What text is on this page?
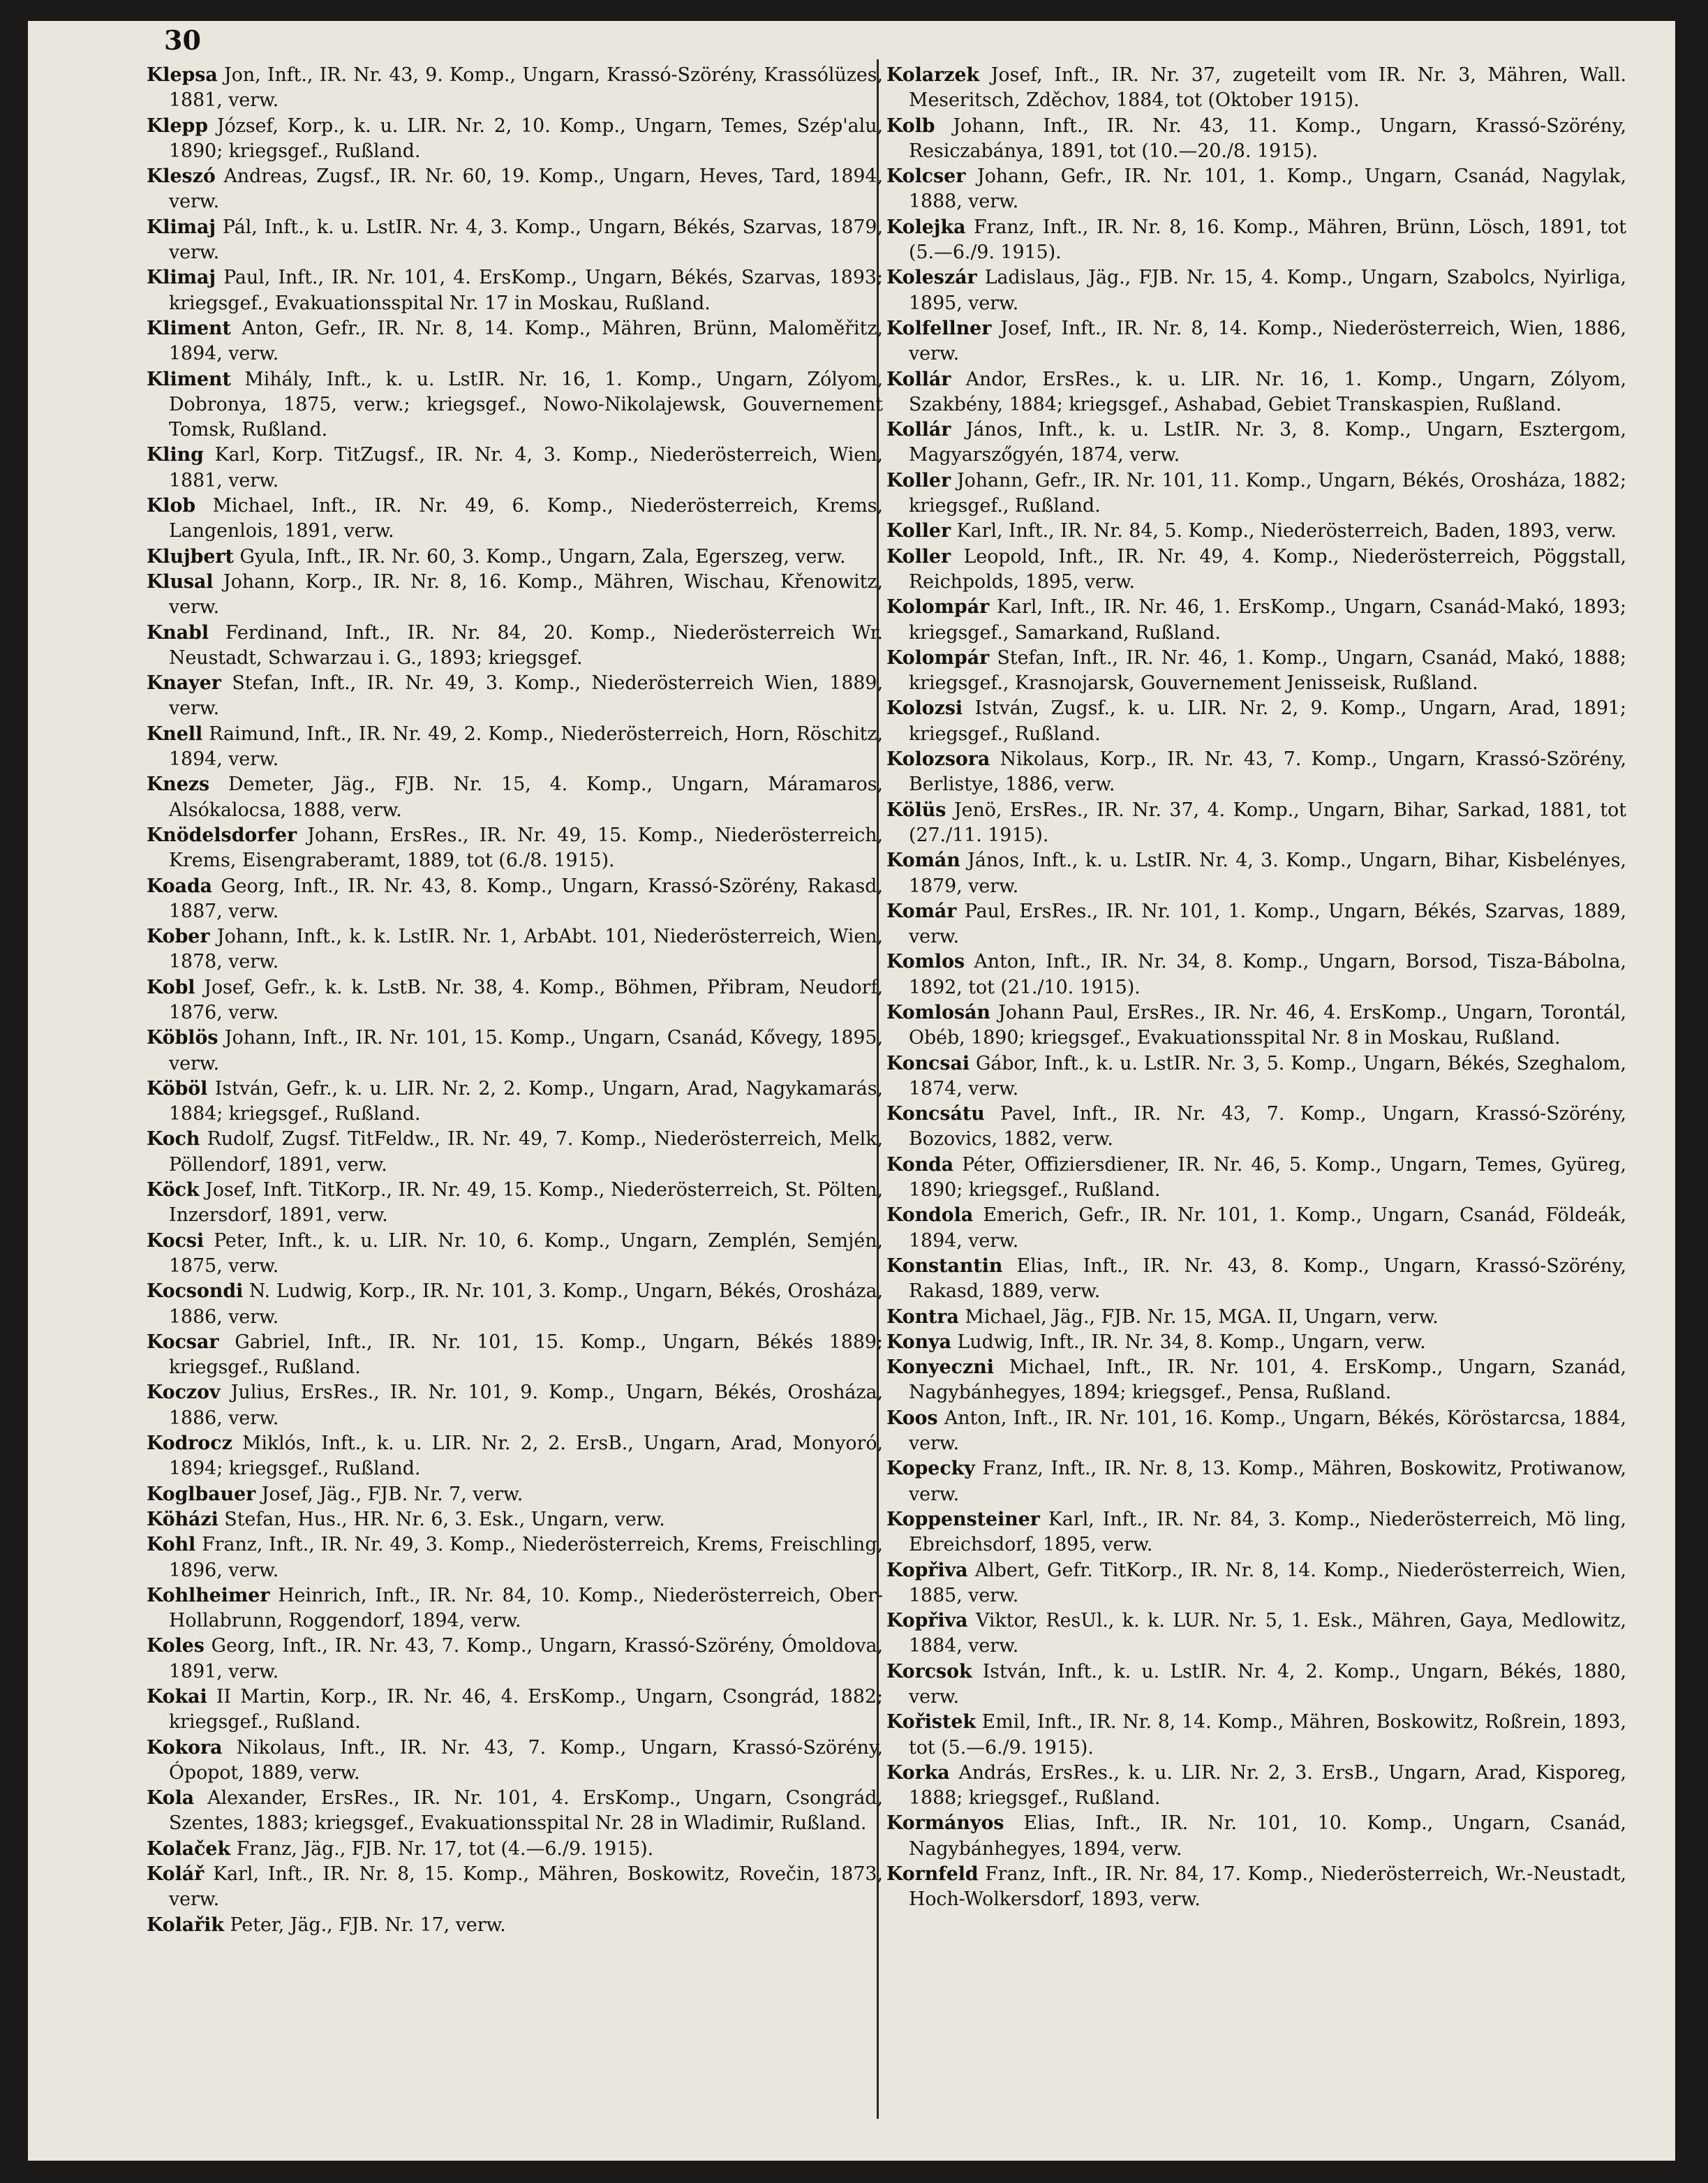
30

Klepsa Jon, Inft., IR. Nr. 43, 9. Komp., Ungarn, Krassó-Szörény, Krassólüzes, 1881, verw.

Klepp József, Korp., k. u. LIR. Nr. 2, 10. Komp., Ungarn, Temes, Szép'alu, 1890; kriegsgef., Rußland.

Kleszó Andreas, Zugsf., IR. Nr. 60, 19. Komp., Ungarn, Heves, Tard, 1894, verw.

Klimaj Pál, Inft., k. u. LstIR. Nr. 4, 3. Komp., Ungarn, Békés, Szarvas, 1879, verw.

Klimaj Paul, Inft., IR. Nr. 101, 4. ErsKomp., Ungarn, Békés, Szarvas, 1893; kriegsgef., Evakuationsspital Nr. 17 in Moskau, Rußland.

Kliment Anton, Gefr., IR. Nr. 8, 14. Komp., Mähren, Brünn, Maloměřitz, 1894, verw.

Kliment Mihály, Inft., k. u. LstIR. Nr. 16, 1. Komp., Ungarn, Zólyom, Dobronya, 1875, verw.; kriegsgef., Nowo-Nikolajewsk, Gouvernement Tomsk, Rußland.

Kling Karl, Korp. TitZugsf., IR. Nr. 4, 3. Komp., Niederösterreich, Wien, 1881, verw.

Klob Michael, Inft., IR. Nr. 49, 6. Komp., Niederösterreich, Krems, Langenlois, 1891, verw.

Klujbert Gyula, Inft., IR. Nr. 60, 3. Komp., Ungarn, Zala, Egerszeg, verw.

Klusal Johann, Korp., IR. Nr. 8, 16. Komp., Mähren, Wischau, Křenowitz, verw.

Knabl Ferdinand, Inft., IR. Nr. 84, 20. Komp., Niederösterreich Wr. Neustadt, Schwarzau i. G., 1893; kriegsgef.

Knayer Stefan, Inft., IR. Nr. 49, 3. Komp., Niederösterreich Wien, 1889, verw.

Knell Raimund, Inft., IR. Nr. 49, 2. Komp., Niederösterreich, Horn, Röschitz, 1894, verw.

Knezs Demeter, Jäg., FJB. Nr. 15, 4. Komp., Ungarn, Máramaros, Alsókalocsa, 1888, verw.

Knödelsdorfer Johann, ErsRes., IR. Nr. 49, 15. Komp., Niederösterreich, Krems, Eisengraberamt, 1889, tot (6./8. 1915).

Koada Georg, Inft., IR. Nr. 43, 8. Komp., Ungarn, Krassó-Szörény, Rakasd, 1887, verw.

Kober Johann, Inft., k. k. LstIR. Nr. 1, ArbAbt. 101, Niederösterreich, Wien, 1878, verw.

Kobl Josef, Gefr., k. k. LstB. Nr. 38, 4. Komp., Böhmen, Přibram, Neudorf, 1876, verw.

Köblös Johann, Inft., IR. Nr. 101, 15. Komp., Ungarn, Csanád, Kővegy, 1895, verw.

Köböl István, Gefr., k. u. LIR. Nr. 2, 2. Komp., Ungarn, Arad, Nagykamarás, 1884; kriegsgef., Rußland.

Koch Rudolf, Zugsf. TitFeldw., IR. Nr. 49, 7. Komp., Niederösterreich, Melk, Pöllendorf, 1891, verw.

Köck Josef, Inft. TitKorp., IR. Nr. 49, 15. Komp., Niederösterreich, St. Pölten, Inzersdorf, 1891, verw.

Kocsi Peter, Inft., k. u. LIR. Nr. 10, 6. Komp., Ungarn, Zemplén, Semjén, 1875, verw.

Kocsondi N. Ludwig, Korp., IR. Nr. 101, 3. Komp., Ungarn, Békés, Orosháza, 1886, verw.

Kocsar Gabriel, Inft., IR. Nr. 101, 15. Komp., Ungarn, Békés 1889; kriegsgef., Rußland.

Koczov Julius, ErsRes., IR. Nr. 101, 9. Komp., Ungarn, Békés, Orosháza, 1886, verw.

Kodrocz Miklós, Inft., k. u. LIR. Nr. 2, 2. ErsB., Ungarn, Arad, Monyoró, 1894; kriegsgef., Rußland.

Koglbauer Josef, Jäg., FJB. Nr. 7, verw.

Köházi Stefan, Hus., HR. Nr. 6, 3. Esk., Ungarn, verw.

Kohl Franz, Inft., IR. Nr. 49, 3. Komp., Niederösterreich, Krems, Freischling, 1896, verw.

Kohlheimer Heinrich, Inft., IR. Nr. 84, 10. Komp., Niederösterreich, Ober-Hollabrunn, Roggendorf, 1894, verw.

Koles Georg, Inft., IR. Nr. 43, 7. Komp., Ungarn, Krassó-Szörény, Ómoldova, 1891, verw.

Kokai II Martin, Korp., IR. Nr. 46, 4. ErsKomp., Ungarn, Csongrád, 1882; kriegsgef., Rußland.

Kokora Nikolaus, Inft., IR. Nr. 43, 7. Komp., Ungarn, Krassó-Szörény, Ópopot, 1889, verw.

Kola Alexander, ErsRes., IR. Nr. 101, 4. ErsKomp., Ungarn, Csongrád, Szentes, 1883; kriegsgef., Evakuationsspital Nr. 28 in Wladimir, Rußland.

Kolaček Franz, Jäg., FJB. Nr. 17, tot (4.—6./9. 1915).

Kolář Karl, Inft., IR. Nr. 8, 15. Komp., Mähren, Boskowitz, Rovečin, 1873, verw.

Kolařik Peter, Jäg., FJB. Nr. 17, verw.

Kolarzek Josef, Inft., IR. Nr. 37, zugeteilt vom IR. Nr. 3, Mähren, Wall. Meseritsch, Zděchov, 1884, tot (Oktober 1915).

Kolb Johann, Inft., IR. Nr. 43, 11. Komp., Ungarn, Krassó-Szörény, Resiczabánya, 1891, tot (10.—20./8. 1915).

Kolcser Johann, Gefr., IR. Nr. 101, 1. Komp., Ungarn, Csanád, Nagylak, 1888, verw.

Kolejka Franz, Inft., IR. Nr. 8, 16. Komp., Mähren, Brünn, Lösch, 1891, tot (5.—6./9. 1915).

Koleszár Ladislaus, Jäg., FJB. Nr. 15, 4. Komp., Ungarn, Szabolcs, Nyirliga, 1895, verw.

Kolfellner Josef, Inft., IR. Nr. 8, 14. Komp., Niederösterreich, Wien, 1886, verw.

Kollár Andor, ErsRes., k. u. LIR. Nr. 16, 1. Komp., Ungarn, Zólyom, Szakbény, 1884; kriegsgef., Ashabad, Gebiet Transkaspien, Rußland.

Kollár János, Inft., k. u. LstIR. Nr. 3, 8. Komp., Ungarn, Esztergom, Magyarszőgyén, 1874, verw.

Koller Johann, Gefr., IR. Nr. 101, 11. Komp., Ungarn, Békés, Orosháza, 1882; kriegsgef., Rußland.

Koller Karl, Inft., IR. Nr. 84, 5. Komp., Niederösterreich, Baden, 1893, verw.

Koller Leopold, Inft., IR. Nr. 49, 4. Komp., Niederösterreich, Pöggstall, Reichpolds, 1895, verw.

Kolompár Karl, Inft., IR. Nr. 46, 1. ErsKomp., Ungarn, Csanád-Makó, 1893; kriegsgef., Samarkand, Rußland.

Kolompár Stefan, Inft., IR. Nr. 46, 1. Komp., Ungarn, Csanád, Makó, 1888; kriegsgef., Krasnojarsk, Gouvernement Jenisseisk, Rußland.

Kolozsi István, Zugsf., k. u. LIR. Nr. 2, 9. Komp., Ungarn, Arad, 1891; kriegsgef., Rußland.

Kolozsora Nikolaus, Korp., IR. Nr. 43, 7. Komp., Ungarn, Krassó-Szörény, Berlistye, 1886, verw.

Kölüs Jenö, ErsRes., IR. Nr. 37, 4. Komp., Ungarn, Bihar, Sarkad, 1881, tot (27./11. 1915).

Komán János, Inft., k. u. LstIR. Nr. 4, 3. Komp., Ungarn, Bihar, Kisbelényes, 1879, verw.

Komár Paul, ErsRes., IR. Nr. 101, 1. Komp., Ungarn, Békés, Szarvas, 1889, verw.

Komlos Anton, Inft., IR. Nr. 34, 8. Komp., Ungarn, Borsod, Tisza-Bábolna, 1892, tot (21./10. 1915).

Komlosán Johann Paul, ErsRes., IR. Nr. 46, 4. ErsKomp., Ungarn, Torontál, Obéb, 1890; kriegsgef., Evakuationsspital Nr. 8 in Moskau, Rußland.

Koncsai Gábor, Inft., k. u. LstIR. Nr. 3, 5. Komp., Ungarn, Békés, Szeghalom, 1874, verw.

Koncsátu Pavel, Inft., IR. Nr. 43, 7. Komp., Ungarn, Krassó-Szörény, Bozovics, 1882, verw.

Konda Péter, Offiziersdiener, IR. Nr. 46, 5. Komp., Ungarn, Temes, Gyüreg, 1890; kriegsgef., Rußland.

Kondola Emerich, Gefr., IR. Nr. 101, 1. Komp., Ungarn, Csanád, Földeák, 1894, verw.

Konstantin Elias, Inft., IR. Nr. 43, 8. Komp., Ungarn, Krassó-Szörény, Rakasd, 1889, verw.

Kontra Michael, Jäg., FJB. Nr. 15, MGA. II, Ungarn, verw.

Konya Ludwig, Inft., IR. Nr. 34, 8. Komp., Ungarn, verw.

Konyeczni Michael, Inft., IR. Nr. 101, 4. ErsKomp., Ungarn, Szanád, Nagybánhegyes, 1894; kriegsgef., Pensa, Rußland.

Koos Anton, Inft., IR. Nr. 101, 16. Komp., Ungarn, Békés, Köröstarcsa, 1884, verw.

Kopecky Franz, Inft., IR. Nr. 8, 13. Komp., Mähren, Boskowitz, Protiwanow, verw.

Koppensteiner Karl, Inft., IR. Nr. 84, 3. Komp., Niederösterreich, Mö ling, Ebreichsdorf, 1895, verw.

Kopřiva Albert, Gefr. TitKorp., IR. Nr. 8, 14. Komp., Niederösterreich, Wien, 1885, verw.

Kopřiva Viktor, ResUl., k. k. LUR. Nr. 5, 1. Esk., Mähren, Gaya, Medlowitz, 1884, verw.

Korcsok István, Inft., k. u. LstIR. Nr. 4, 2. Komp., Ungarn, Békés, 1880, verw.

Kořistek Emil, Inft., IR. Nr. 8, 14. Komp., Mähren, Boskowitz, Roßrein, 1893, tot (5.—6./9. 1915).

Korka András, ErsRes., k. u. LIR. Nr. 2, 3. ErsB., Ungarn, Arad, Kisporeg, 1888; kriegsgef., Rußland.

Kormányos Elias, Inft., IR. Nr. 101, 10. Komp., Ungarn, Csanád, Nagybánhegyes, 1894, verw.

Kornfeld Franz, Inft., IR. Nr. 84, 17. Komp., Niederösterreich, Wr.-Neustadt, Hoch-Wolkersdorf, 1893, verw.
